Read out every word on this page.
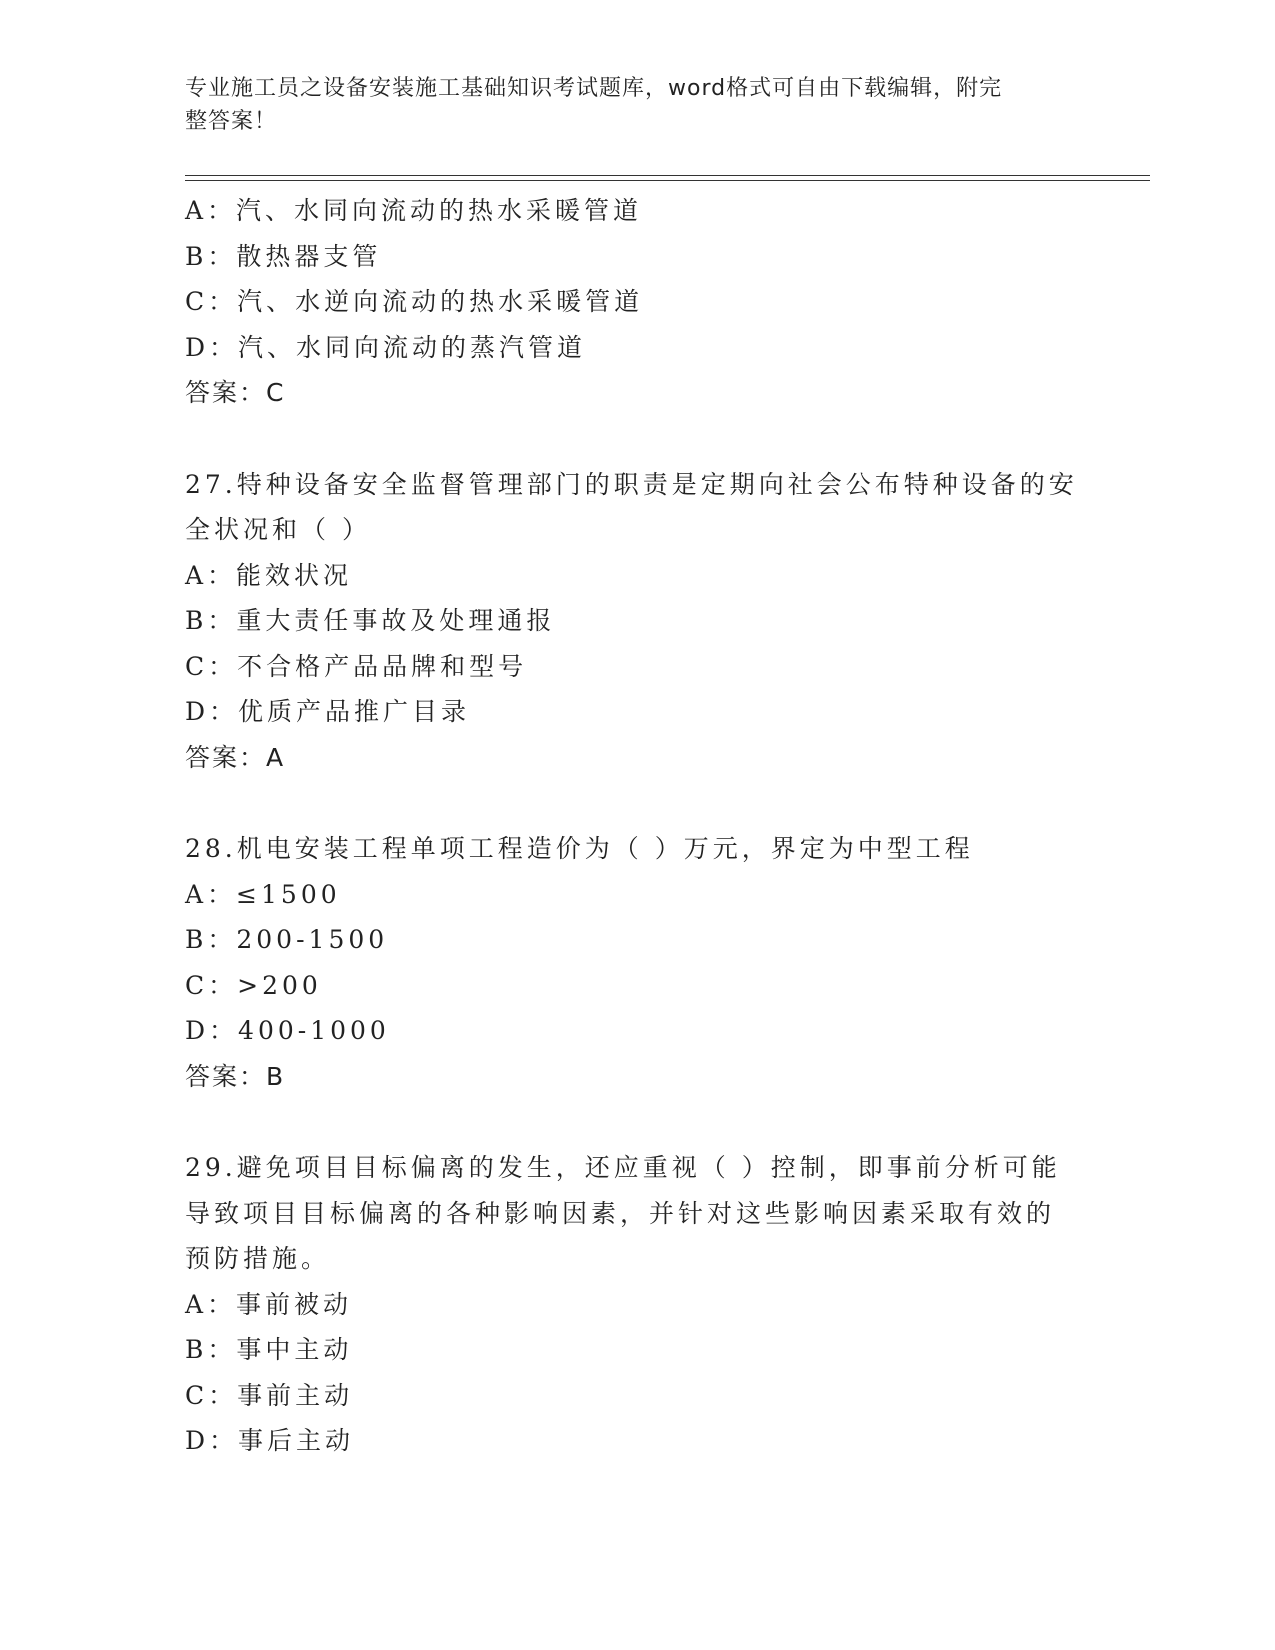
专业施工员之设备安装施工基础知识考试题库，word格式可自由下载编辑，附完
整答案！
A：汽、水同向流动的热水采暖管道
B：散热器支管
C：汽、水逆向流动的热水采暖管道
D：汽、水同向流动的蒸汽管道
答案：C
27.特种设备安全监督管理部门的职责是定期向社会公布特种设备的安
全状况和（ ）
A：能效状况
B：重大责任事故及处理通报
C：不合格产品品牌和型号
D：优质产品推广目录
答案：A
28.机电安装工程单项工程造价为（ ）万元，界定为中型工程
A：≤1500
B：200-1500
C：>200
D：400-1000
答案：B
29.避免项目目标偏离的发生，还应重视（ ）控制，即事前分析可能
导致项目目标偏离的各种影响因素，并针对这些影响因素采取有效的
预防措施。
A：事前被动
B：事中主动
C：事前主动
D：事后主动
